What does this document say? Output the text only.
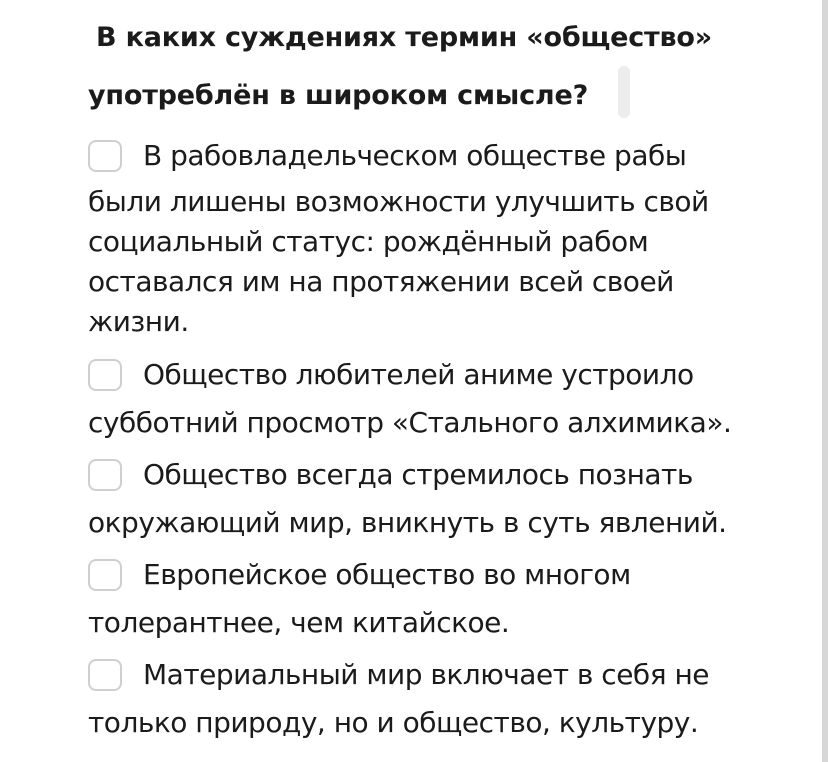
В каких суждениях термин «общество»
употреблён в широком смысле?
В рабовладельческом обществе рабы
были лишены возможности улучшить свой
социальный статус: рождённый рабом
оставался им на протяжении всей своей
жизни.
Общество любителей аниме устроило
субботний просмотр «Стального алхимика».
Общество всегда стремилось познать
окружающий мир, вникнуть в суть явлений.
Европейское общество во многом
толерантнее, чем китайское.
Материальный мир включает в себя не
только природу, но и общество, культуру.
